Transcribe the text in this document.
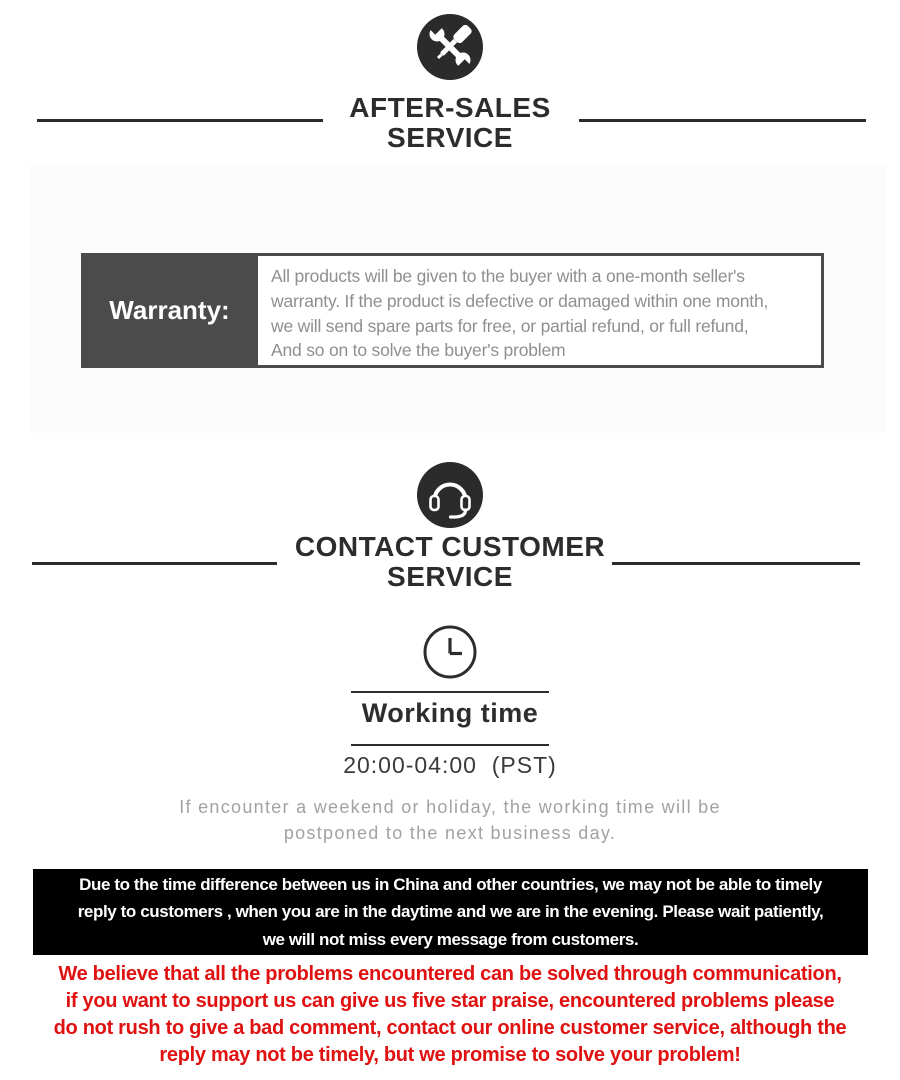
AFTER-SALES
SERVICE
Warranty:
All products will be given to the buyer with a one-month seller's
warranty. If the product is defective or damaged within one month,
we will send spare parts for free, or partial refund, or full refund,
And so on to solve the buyer's problem
CONTACT CUSTOMER
SERVICE
Working time
20:00-04:00  (PST)
If encounter a weekend or holiday, the working time will be
postponed to the next business day.
Due to the time difference between us in China and other countries, we may not be able to timely
reply to customers , when you are in the daytime and we are in the evening. Please wait patiently,
we will not miss every message from customers.
We believe that all the problems encountered can be solved through communication,
if you want to support us can give us five star praise, encountered problems please
do not rush to give a bad comment, contact our online customer service, although the
reply may not be timely, but we promise to solve your problem!
